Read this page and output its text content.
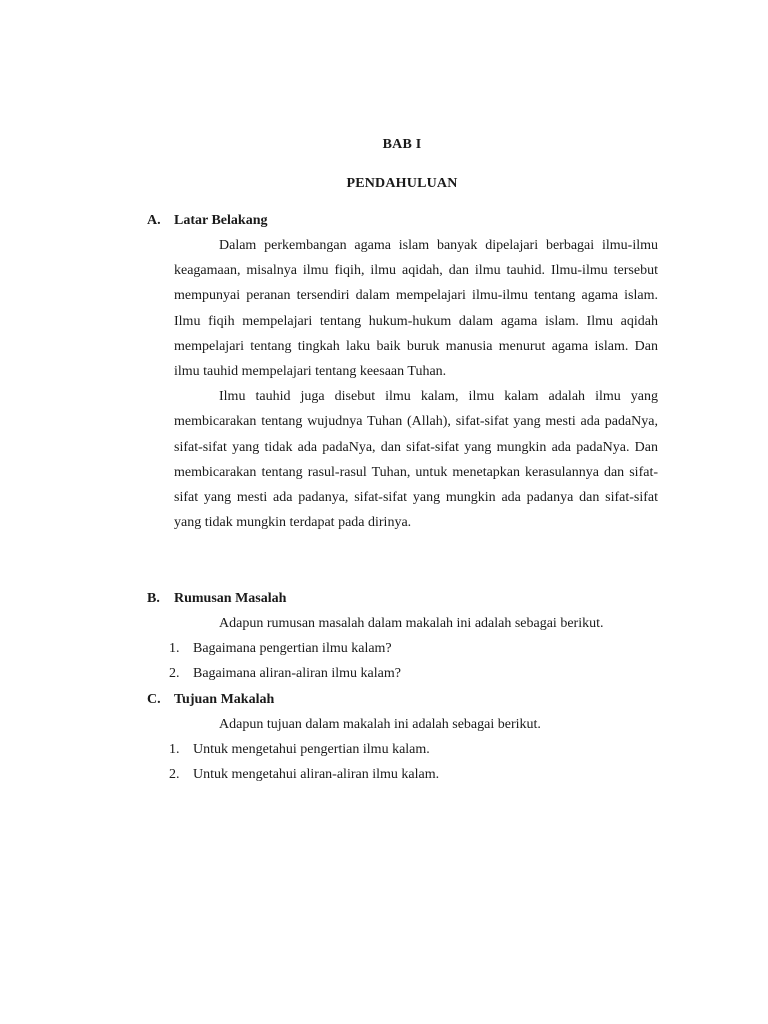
BAB I
PENDAHULUAN
A. Latar Belakang
Dalam perkembangan agama islam banyak dipelajari berbagai ilmu-ilmu keagamaan, misalnya ilmu fiqih, ilmu aqidah, dan ilmu tauhid. Ilmu-ilmu tersebut mempunyai peranan tersendiri dalam mempelajari ilmu-ilmu tentang agama islam. Ilmu fiqih mempelajari tentang hukum-hukum dalam agama islam. Ilmu aqidah mempelajari tentang tingkah laku baik buruk manusia menurut agama islam. Dan ilmu tauhid mempelajari tentang keesaan Tuhan.
Ilmu tauhid juga disebut ilmu kalam, ilmu kalam adalah ilmu yang membicarakan tentang wujudnya Tuhan (Allah), sifat-sifat yang mesti ada padaNya, sifat-sifat yang tidak ada padaNya, dan sifat-sifat yang mungkin ada padaNya. Dan membicarakan tentang rasul-rasul Tuhan, untuk menetapkan kerasulannya dan sifat-sifat yang mesti ada padanya, sifat-sifat yang mungkin ada padanya dan sifat-sifat yang tidak mungkin terdapat pada dirinya.
B.	Rumusan Masalah
Adapun rumusan masalah dalam makalah ini adalah sebagai berikut.
1. Bagaimana pengertian ilmu kalam?
2. Bagaimana aliran-aliran ilmu kalam?
C. Tujuan Makalah
Adapun tujuan dalam makalah ini adalah sebagai berikut.
1. Untuk mengetahui pengertian ilmu kalam.
2. Untuk mengetahui aliran-aliran ilmu kalam.
